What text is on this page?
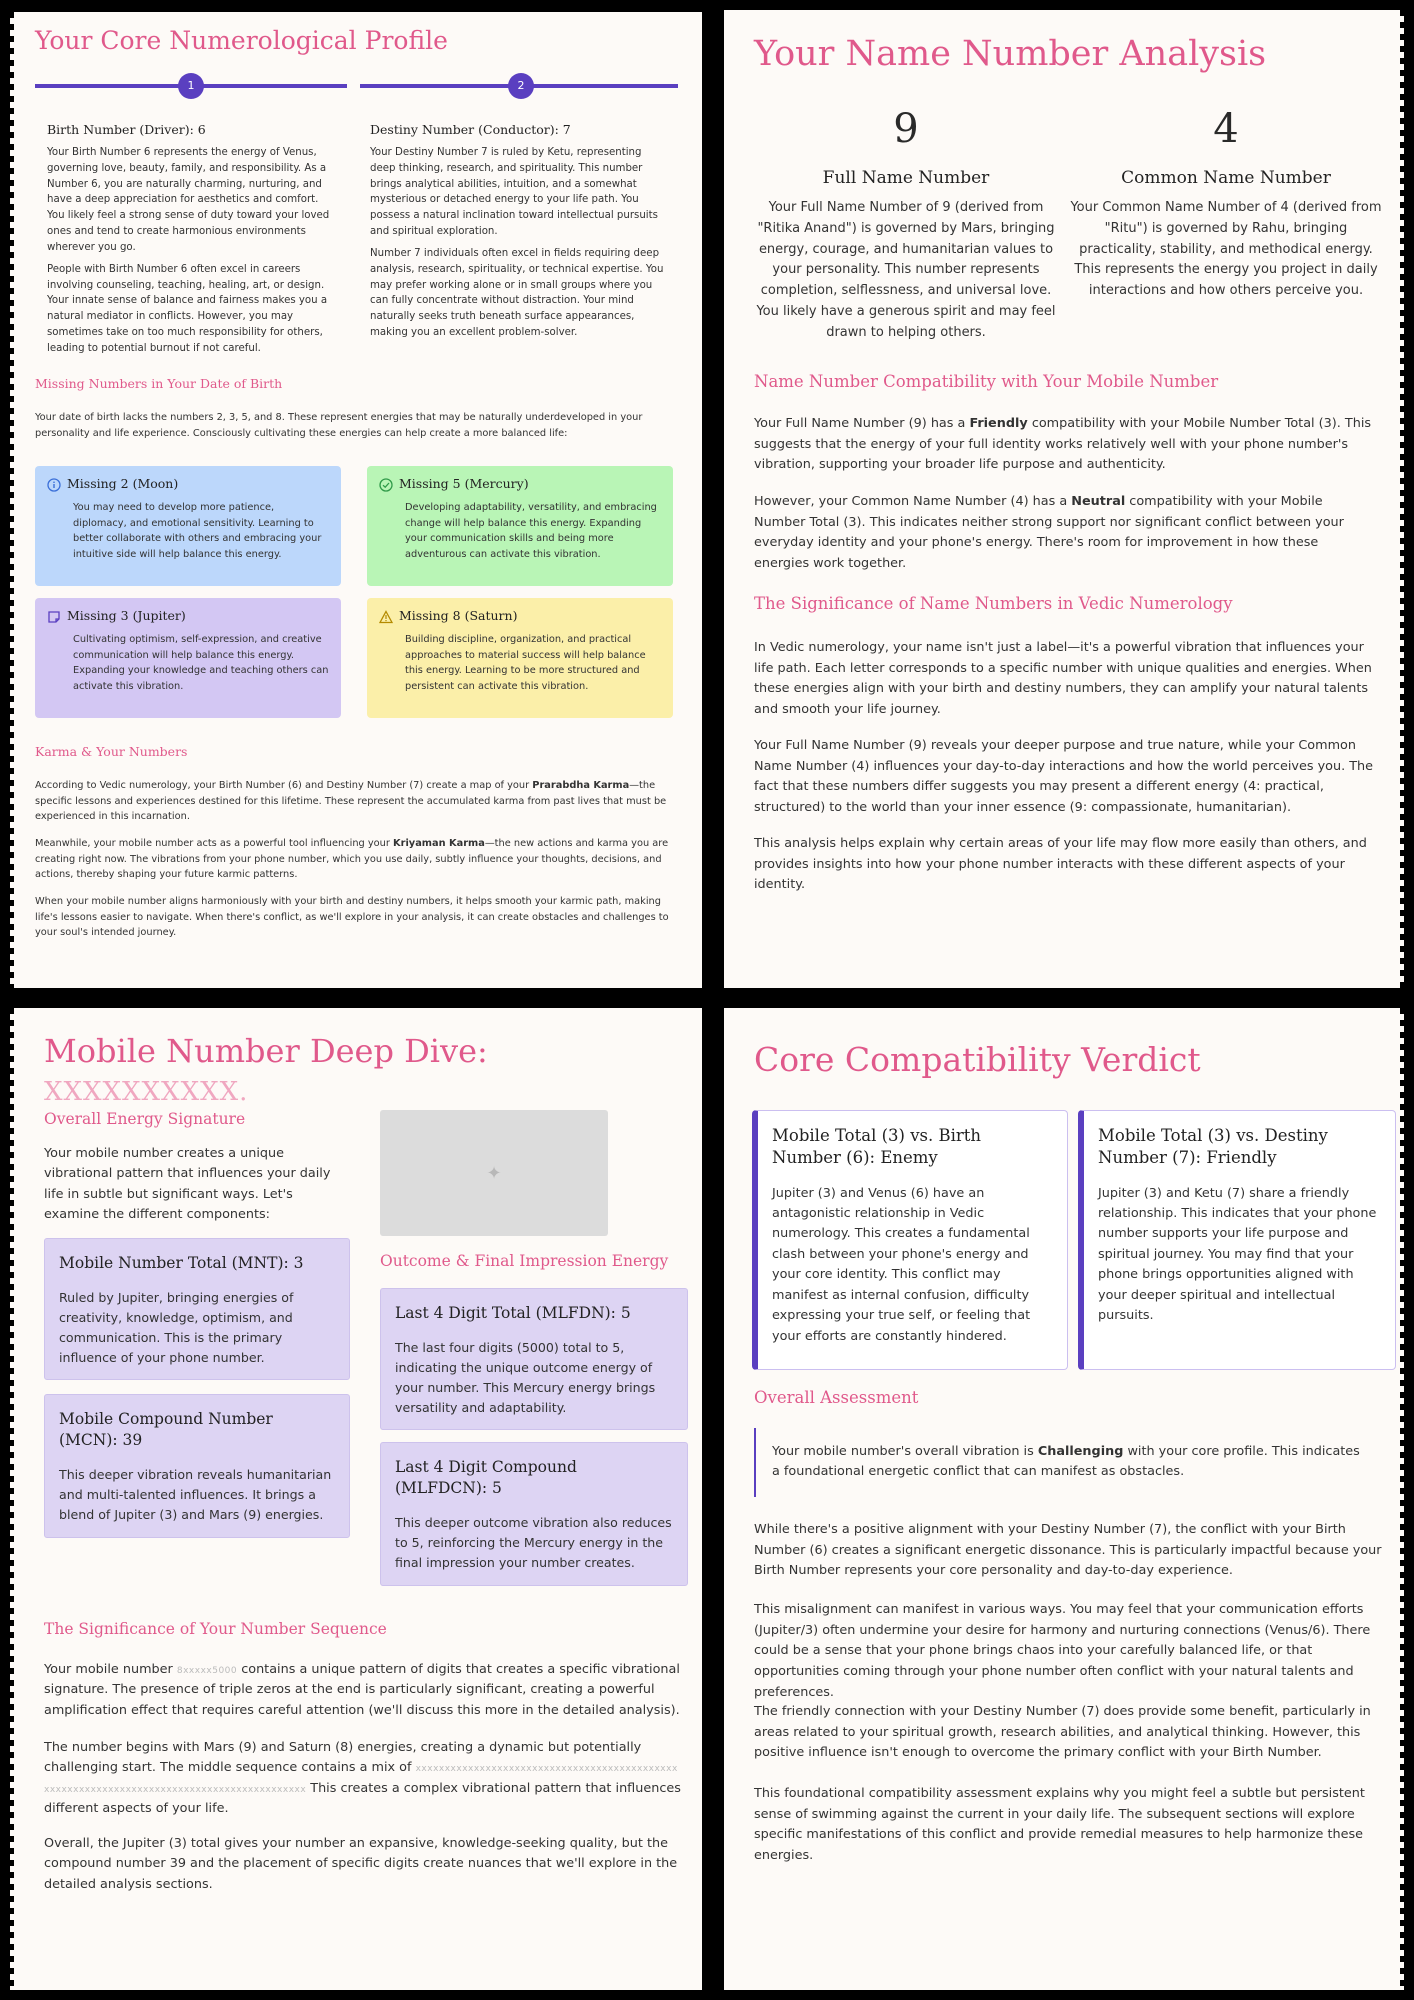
Your Core Numerological Profile
1	2
Birth Number (Driver): 6

Your Birth Number 6 represents the energy of Venus, governing love, beauty, family, and responsibility. As a Number 6, you are naturally charming, nurturing, and have a deep appreciation for aesthetics and comfort. You likely feel a strong sense of duty toward your loved ones and tend to create harmonious environments wherever you go.

People with Birth Number 6 often excel in careers involving counseling, teaching, healing, art, or design. Your innate sense of balance and fairness makes you a natural mediator in conflicts. However, you may sometimes take on too much responsibility for others, leading to potential burnout if not careful.

Destiny Number (Conductor): 7

Your Destiny Number 7 is ruled by Ketu, representing deep thinking, research, and spirituality. This number brings analytical abilities, intuition, and a somewhat mysterious or detached energy to your life path. You possess a natural inclination toward intellectual pursuits and spiritual exploration.

Number 7 individuals often excel in fields requiring deep analysis, research, spirituality, or technical expertise. You may prefer working alone or in small groups where you can fully concentrate without distraction. Your mind naturally seeks truth beneath surface appearances, making you an excellent problem-solver.

Missing Numbers in Your Date of Birth

Your date of birth lacks the numbers 2, 3, 5, and 8. These represent energies that may be naturally underdeveloped in your personality and life experience. Consciously cultivating these energies can help create a more balanced life:

Missing 2 (Moon)

You may need to develop more patience, diplomacy, and emotional sensitivity. Learning to better collaborate with others and embracing your intuitive side will help balance this energy.

Missing 5 (Mercury)

Developing adaptability, versatility, and embracing change will help balance this energy. Expanding your communication skills and being more adventurous can activate this vibration.

Missing 3 (Jupiter)

Cultivating optimism, self-expression, and creative communication will help balance this energy. Expanding your knowledge and teaching others can activate this vibration.

Missing 8 (Saturn)

Building discipline, organization, and practical approaches to material success will help balance this energy. Learning to be more structured and persistent can activate this vibration.

Karma & Your Numbers

According to Vedic numerology, your Birth Number (6) and Destiny Number (7) create a map of your Prarabdha Karma—the specific lessons and experiences destined for this lifetime. These represent the accumulated karma from past lives that must be experienced in this incarnation.

Meanwhile, your mobile number acts as a powerful tool influencing your Kriyaman Karma—the new actions and karma you are creating right now. The vibrations from your phone number, which you use daily, subtly influence your thoughts, decisions, and actions, thereby shaping your future karmic patterns.

When your mobile number aligns harmoniously with your birth and destiny numbers, it helps smooth your karmic path, making life's lessons easier to navigate. When there's conflict, as we'll explore in your analysis, it can create obstacles and challenges to your soul's intended journey.

Your Name Number Analysis
9
Full Name Number

Your Full Name Number of 9 (derived from "Ritika Anand") is governed by Mars, bringing energy, courage, and humanitarian values to your personality. This number represents completion, selflessness, and universal love. You likely have a generous spirit and may feel drawn to helping others.

4
Common Name Number

Your Common Name Number of 4 (derived from "Ritu") is governed by Rahu, bringing practicality, stability, and methodical energy. This represents the energy you project in daily interactions and how others perceive you.

Name Number Compatibility with Your Mobile Number

Your Full Name Number (9) has a Friendly compatibility with your Mobile Number Total (3). This suggests that the energy of your full identity works relatively well with your phone number's vibration, supporting your broader life purpose and authenticity.

However, your Common Name Number (4) has a Neutral compatibility with your Mobile Number Total (3). This indicates neither strong support nor significant conflict between your everyday identity and your phone's energy. There's room for improvement in how these energies work together.

The Significance of Name Numbers in Vedic Numerology

In Vedic numerology, your name isn't just a label—it's a powerful vibration that influences your life path. Each letter corresponds to a specific number with unique qualities and energies. When these energies align with your birth and destiny numbers, they can amplify your natural talents and smooth your life journey.

Your Full Name Number (9) reveals your deeper purpose and true nature, while your Common Name Number (4) influences your day-to-day interactions and how the world perceives you. The fact that these numbers differ suggests you may present a different energy (4: practical, structured) to the world than your inner essence (9: compassionate, humanitarian).

This analysis helps explain why certain areas of your life may flow more easily than others, and provides insights into how your phone number interacts with these different aspects of your identity.

Mobile Number Deep Dive: XXXXXXXXXX.
Overall Energy Signature

Your mobile number creates a unique vibrational pattern that influences your daily life in subtle but significant ways. Let's examine the different components:

✦
Mobile Number Total (MNT): 3

Ruled by Jupiter, bringing energies of creativity, knowledge, optimism, and communication. This is the primary influence of your phone number.

Mobile Compound Number (MCN): 39

This deeper vibration reveals humanitarian and multi-talented influences. It brings a blend of Jupiter (3) and Mars (9) energies.

Outcome & Final Impression Energy
Last 4 Digit Total (MLFDN): 5

The last four digits (5000) total to 5, indicating the unique outcome energy of your number. This Mercury energy brings versatility and adaptability.

Last 4 Digit Compound (MLFDCN): 5

This deeper outcome vibration also reduces to 5, reinforcing the Mercury energy in the final impression your number creates.

The Significance of Your Number Sequence

Your mobile number 8xxxxx5000 contains a unique pattern of digits that creates a specific vibrational signature. The presence of triple zeros at the end is particularly significant, creating a powerful amplification effect that requires careful attention (we'll discuss this more in the detailed analysis).

The number begins with Mars (9) and Saturn (8) energies, creating a dynamic but potentially challenging start. The middle sequence contains a mix of xxxxxxxxxxxxxxxxxxxxxxxxxxxxxxxxxxxxxxxxxxxxxxxxxxxxxxxxxxxxxxxxxxxxxxxxxxxxxxxxxxxxxxxxxx This creates a complex vibrational pattern that influences different aspects of your life.

Overall, the Jupiter (3) total gives your number an expansive, knowledge-seeking quality, but the compound number 39 and the placement of specific digits create nuances that we'll explore in the detailed analysis sections.

Core Compatibility Verdict
Mobile Total (3) vs. Birth Number (6): Enemy

Jupiter (3) and Venus (6) have an antagonistic relationship in Vedic numerology. This creates a fundamental clash between your phone's energy and your core identity. This conflict may manifest as internal confusion, difficulty expressing your true self, or feeling that your efforts are constantly hindered.

Mobile Total (3) vs. Destiny Number (7): Friendly

Jupiter (3) and Ketu (7) share a friendly relationship. This indicates that your phone number supports your life purpose and spiritual journey. You may find that your phone brings opportunities aligned with your deeper spiritual and intellectual pursuits.

Overall Assessment
Your mobile number's overall vibration is Challenging with your core profile. This indicates a foundational energetic conflict that can manifest as obstacles.

While there's a positive alignment with your Destiny Number (7), the conflict with your Birth Number (6) creates a significant energetic dissonance. This is particularly impactful because your Birth Number represents your core personality and day-to-day experience.

This misalignment can manifest in various ways. You may feel that your communication efforts (Jupiter/3) often undermine your desire for harmony and nurturing connections (Venus/6). There could be a sense that your phone brings chaos into your carefully balanced life, or that opportunities coming through your phone number often conflict with your natural talents and preferences.

The friendly connection with your Destiny Number (7) does provide some benefit, particularly in areas related to your spiritual growth, research abilities, and analytical thinking. However, this positive influence isn't enough to overcome the primary conflict with your Birth Number.

This foundational compatibility assessment explains why you might feel a subtle but persistent sense of swimming against the current in your daily life. The subsequent sections will explore specific manifestations of this conflict and provide remedial measures to help harmonize these energies.
